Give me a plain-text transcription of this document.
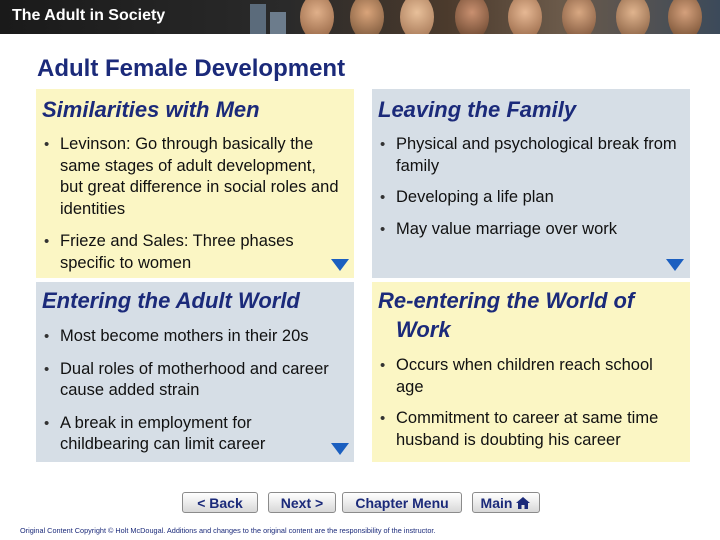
The Adult in Society
Adult Female Development
Similarities with Men
• Levinson: Go through basically the same stages of adult development, but great difference in social roles and identities
• Frieze and Sales: Three phases specific to women
Leaving the Family
• Physical and psychological break from family
• Developing a life plan
• May value marriage over work
Entering the Adult World
• Most become mothers in their 20s
• Dual roles of motherhood and career cause added strain
• A break in employment for childbearing can limit career
Re-entering the World of Work
• Occurs when children reach school age
• Commitment to career at same time husband is doubting his career
< Back	Next >	Chapter Menu	Main
Original Content Copyright © Holt McDougal. Additions and changes to the original content are the responsibility of the instructor.
